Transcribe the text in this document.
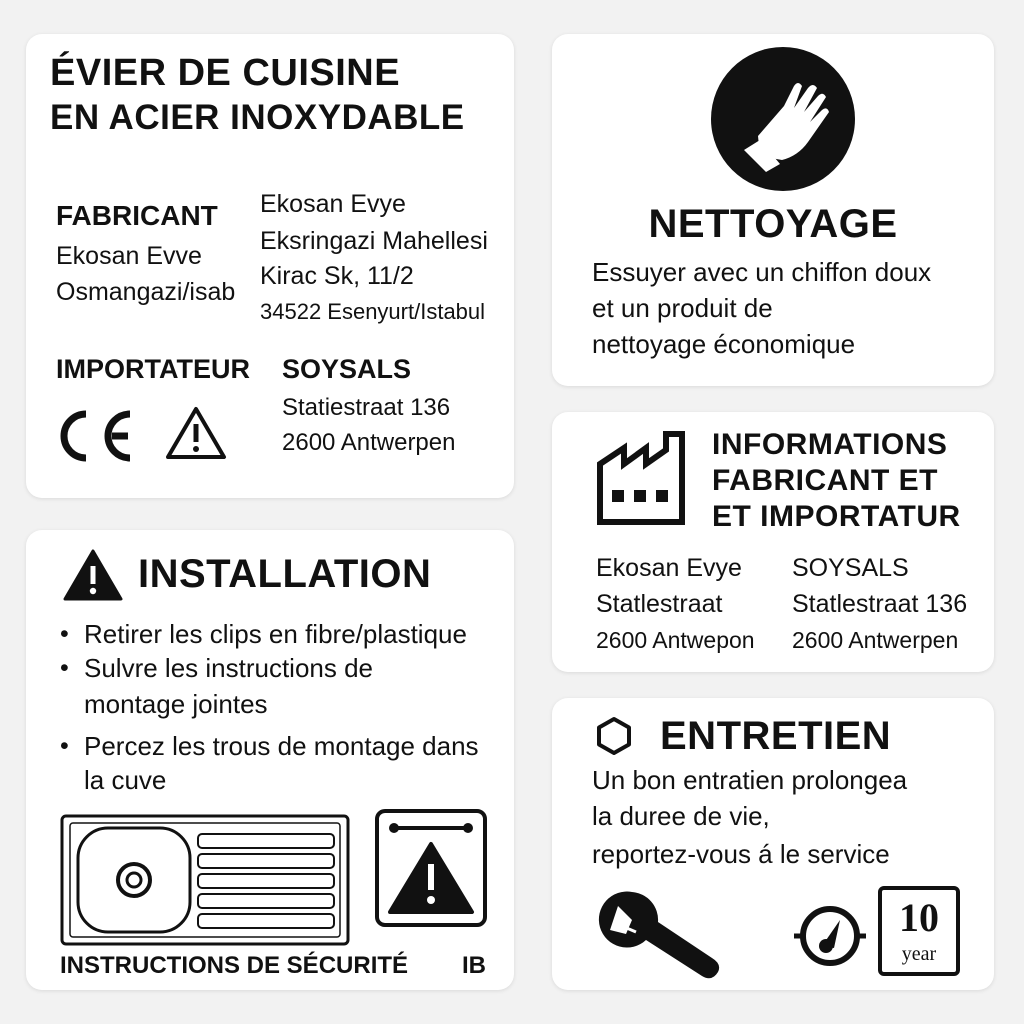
ÉVIER DE CUISINE
EN ACIER INOXYDABLE
FABRICANT
Ekosan Evve
Osmangazi/isab
Ekosan Evye
Eksringazi Mahellesi
Kirac Sk, 11/2
34522 Esenyurt/Istabul
IMPORTATEUR SOYSALS
Statiestraat 136
2600 Antwerpen
NETTOYAGE
Essuyer avec un chiffon doux
et un produit de
nettoyage économique
INSTALLATION
• Retirer les clips en fibre/plastique
• Sulvre les instructions de
montage jointes
• Percez les trous de montage dans
la cuve
INSTRUCTIONS DE SÉCURITÉ IB
INFORMATIONS
FABRICANT ET
ET IMPORTATUR
Ekosan Evye
Statlestraat
2600 Antwepon
SOYSALS
Statlestraat 136
2600 Antwerpen
ENTRETIEN
Un bon entratien prolongea
la duree de vie,
reportez-vous á le service
10
year
